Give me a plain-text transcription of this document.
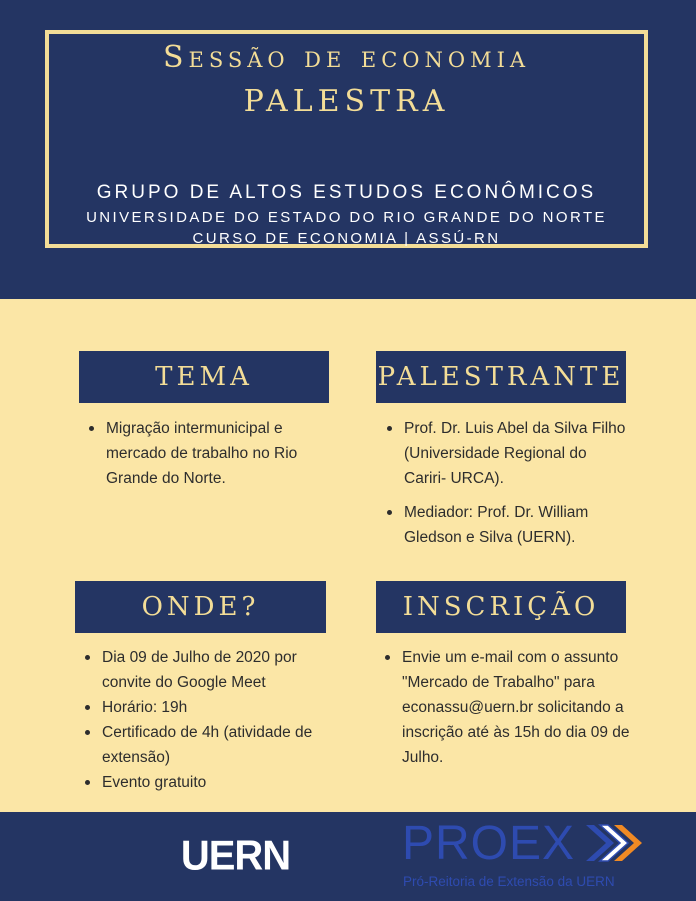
Sessão de economia
PALESTRA
GRUPO DE ALTOS ESTUDOS ECONÔMICOS
UNIVERSIDADE DO ESTADO DO RIO GRANDE DO NORTE
CURSO DE ECONOMIA | ASSÚ-RN
TEMA	PALESTRANTE
Migração intermunicipal e mercado de trabalho no Rio Grande do Norte.
Prof. Dr. Luis Abel da Silva Filho (Universidade Regional do Cariri- URCA).
Mediador: Prof. Dr. William Gledson e Silva (UERN).
ONDE?	INSCRIÇÃO
Dia 09 de Julho de 2020 por convite do Google Meet
Horário: 19h
Certificado de 4h (atividade de extensão)
Evento gratuito
Envie um e-mail com o assunto "Mercado de Trabalho" para econassu@uern.br solicitando a inscrição até às 15h do dia 09 de Julho.
UERN PROEX
Pró-Reitoria de Extensão da UERN
